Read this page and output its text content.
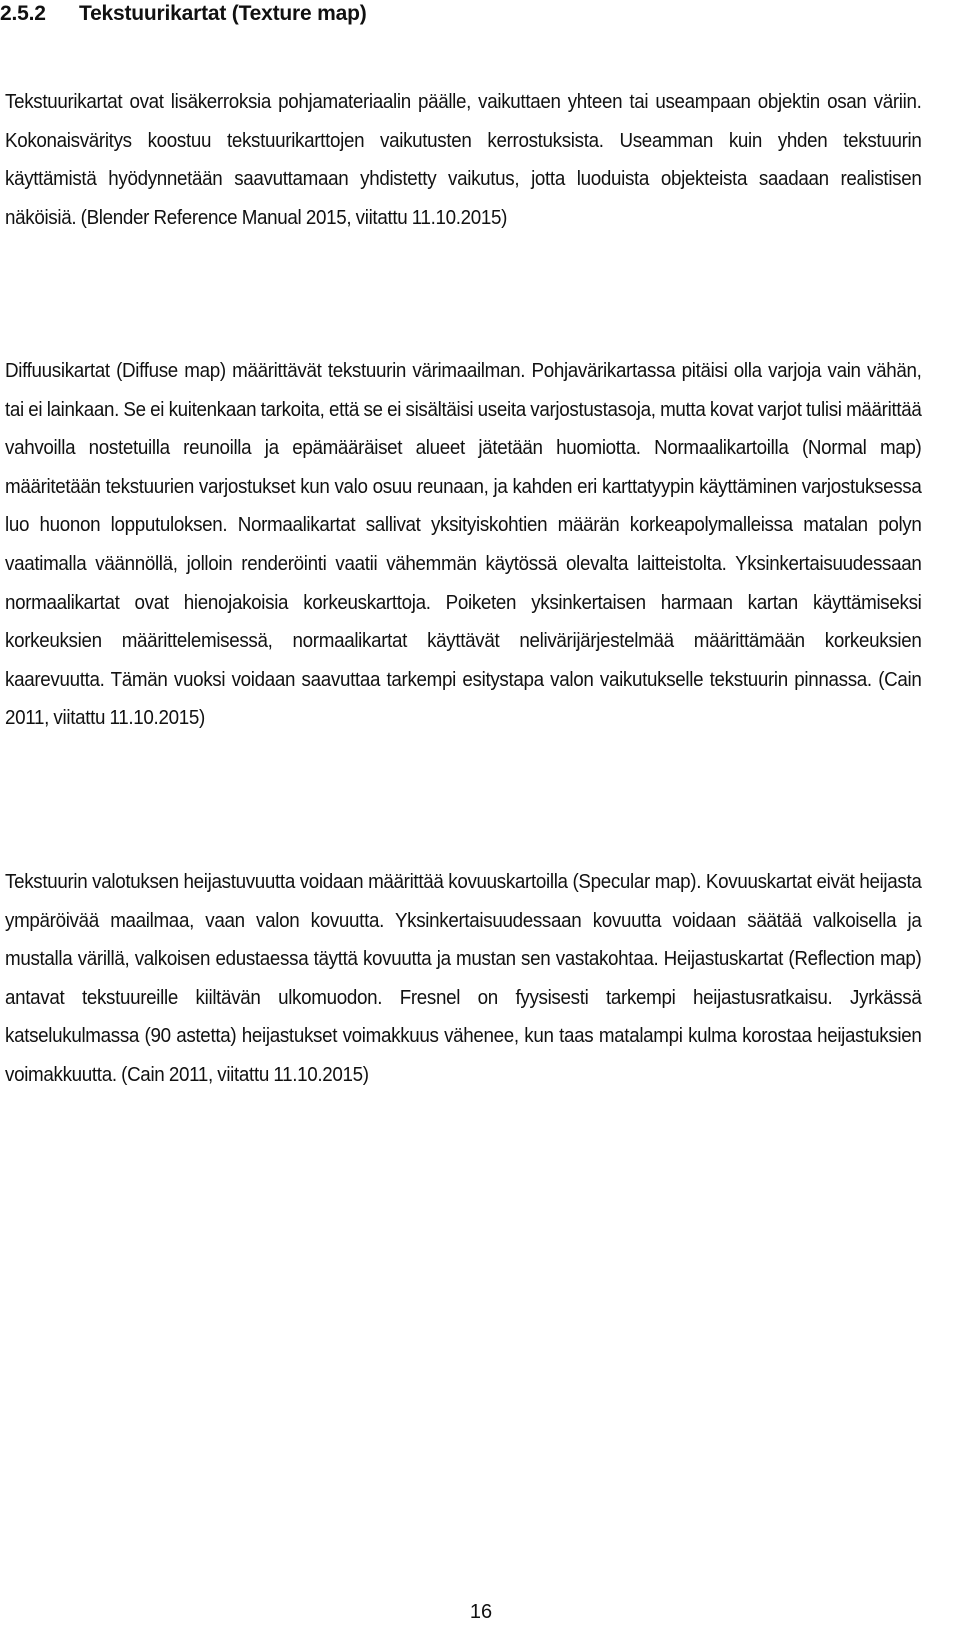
2.5.2 Tekstuurikartat (Texture map)

Tekstuurikartat ovat lisäkerroksia pohjamateriaalin päälle, vaikuttaen yhteen tai useampaan objektin osan väriin. Kokonaisväritys koostuu tekstuurikarttojen vaikutusten kerrostuksista. Useamman kuin yhden tekstuurin käyttämistä hyödynnetään saavuttamaan yhdistetty vaikutus, jotta luoduista objekteista saadaan realistisen näköisiä. (Blender Reference Manual 2015, viitattu 11.10.2015)

Diffuusikartat (Diffuse map) määrittävät tekstuurin värimaailman. Pohjavärikartassa pitäisi olla varjoja vain vähän, tai ei lainkaan. Se ei kuitenkaan tarkoita, että se ei sisältäisi useita varjostustasoja, mutta kovat varjot tulisi määrittää vahvoilla nostetuilla reunoilla ja epämääräiset alueet jätetään huomiotta. Normaalikartoilla (Normal map) määritetään tekstuurien varjostukset kun valo osuu reunaan, ja kahden eri karttatyypin käyttäminen varjostuksessa luo huonon lopputuloksen. Normaalikartat sallivat yksityiskohtien määrän korkeapolymalleissa matalan polyn vaatimalla väännöllä, jolloin renderöinti vaatii vähemmän käytössä olevalta laitteistolta. Yksinkertaisuudessaan normaalikartat ovat hienojakoisia korkeuskarttoja. Poiketen yksinkertaisen harmaan kartan käyttämiseksi korkeuksien määrittelemisessä, normaalikartat käyttävät nelivärijärjestelmää määrittämään korkeuksien kaarevuutta. Tämän vuoksi voidaan saavuttaa tarkempi esitystapa valon vaikutukselle tekstuurin pinnassa. (Cain 2011, viitattu 11.10.2015)

Tekstuurin valotuksen heijastuvuutta voidaan määrittää kovuuskartoilla (Specular map). Kovuuskartat eivät heijasta ympäröivää maailmaa, vaan valon kovuutta. Yksinkertaisuudessaan kovuutta voidaan säätää valkoisella ja mustalla värillä, valkoisen edustaessa täyttä kovuutta ja mustan sen vastakohtaa. Heijastuskartat (Reflection map) antavat tekstuureille kiiltävän ulkomuodon. Fresnel on fyysisesti tarkempi heijastusratkaisu. Jyrkässä katselukulmassa (90 astetta) heijastukset voimakkuus vähenee, kun taas matalampi kulma korostaa heijastuksien voimakkuutta. (Cain 2011, viitattu 11.10.2015)

16
